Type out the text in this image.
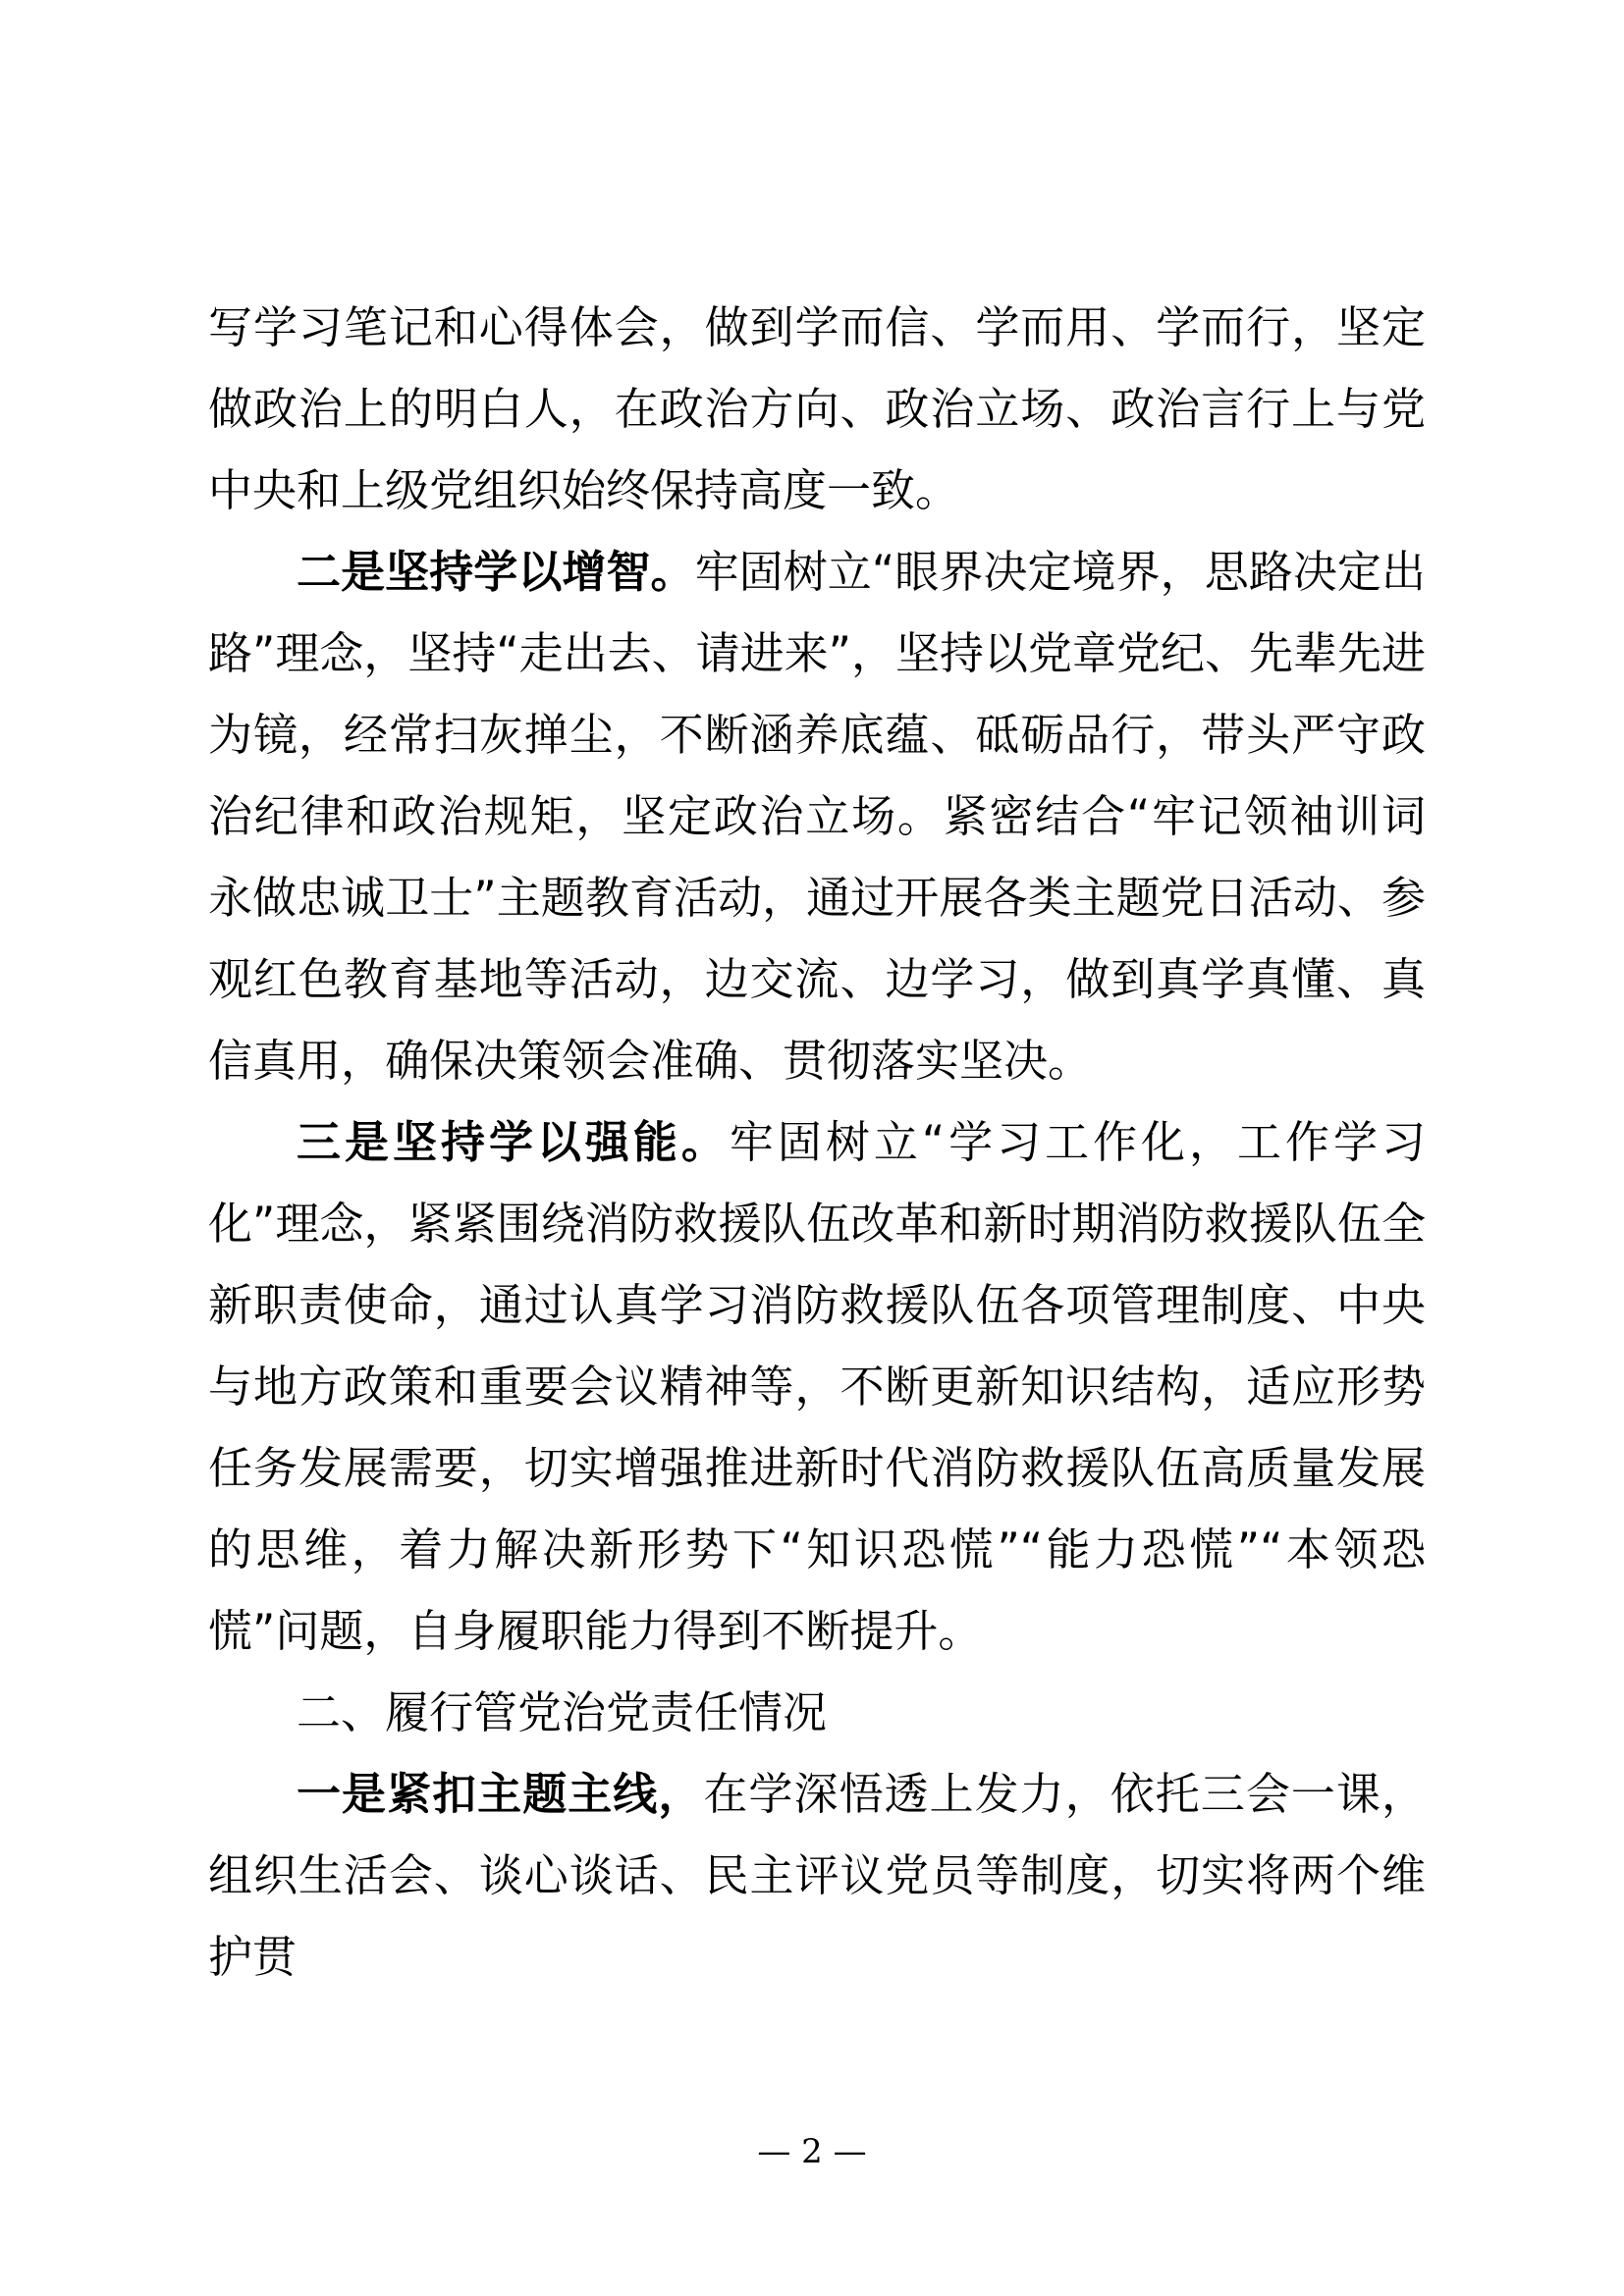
写学习笔记和心得体会，做到学而信、学而用、学而行，坚定做政治上的明白人，在政治方向、政治立场、政治言行上与党中央和上级党组织始终保持高度一致。

二是坚持学以增智。牢固树立“眼界决定境界，思路决定出路”理念，坚持“走出去、请进来”，坚持以党章党纪、先辈先进为镜，经常扫灰掸尘，不断涵养底蕴、砥砺品行，带头严守政治纪律和政治规矩，坚定政治立场。紧密结合“牢记领袖训词 永做忠诚卫士”主题教育活动，通过开展各类主题党日活动、参观红色教育基地等活动，边交流、边学习，做到真学真懂、真信真用，确保决策领会准确、贯彻落实坚决。

三是坚持学以强能。牢固树立“学习工作化，工作学习化”理念，紧紧围绕消防救援队伍改革和新时期消防救援队伍全新职责使命，通过认真学习消防救援队伍各项管理制度、中央与地方政策和重要会议精神等，不断更新知识结构，适应形势任务发展需要，切实增强推进新时代消防救援队伍高质量发展的思维，着力解决新形势下“知识恐慌”“能力恐慌”“本领恐慌”问题，自身履职能力得到不断提升。

二、履行管党治党责任情况

一是紧扣主题主线，在学深悟透上发力，依托三会一课，组织生活会、谈心谈话、民主评议党员等制度，切实将两个维护贯

— 2 —
